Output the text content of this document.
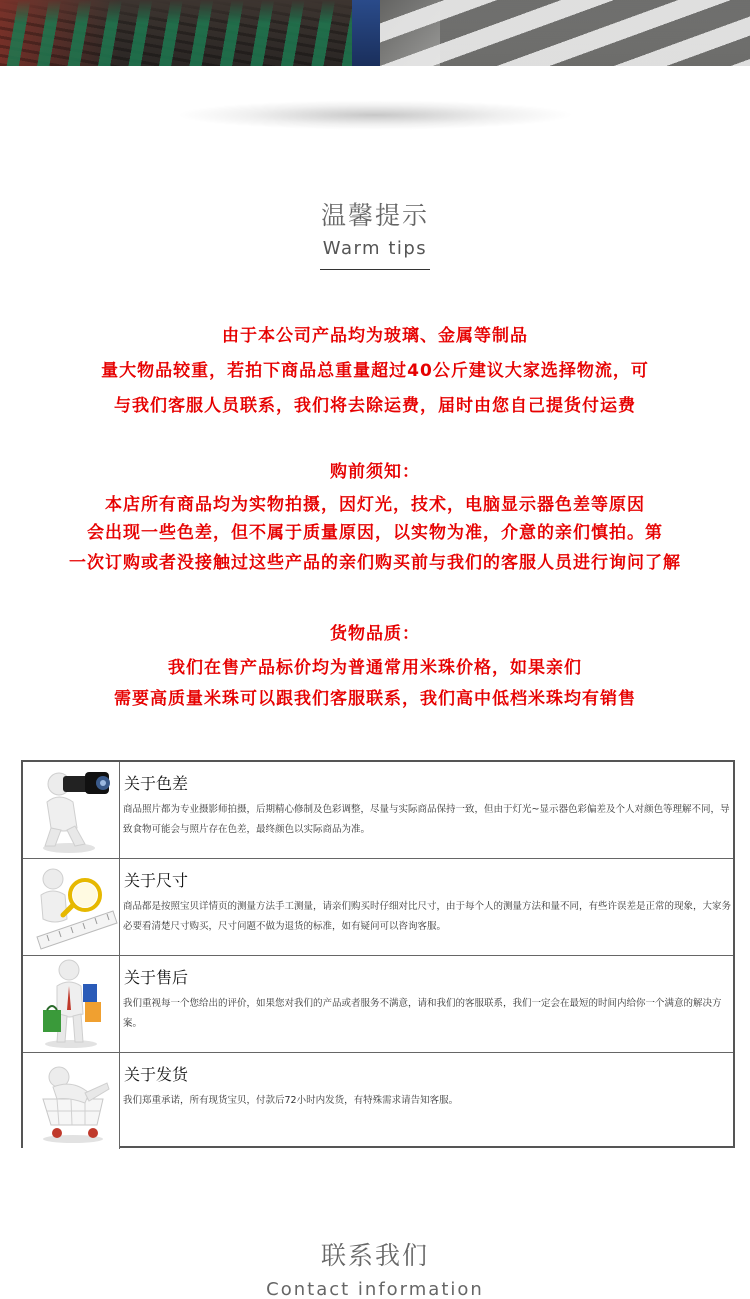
温馨提示
Warm tips
由于本公司产品均为玻璃、金属等制品
量大物品较重，若拍下商品总重量超过40公斤建议大家选择物流，可
与我们客服人员联系，我们将去除运费，届时由您自己提货付运费
购前须知：
本店所有商品均为实物拍摄，因灯光，技术，电脑显示器色差等原因
会出现一些色差，但不属于质量原因，以实物为准，介意的亲们慎拍。第
一次订购或者没接触过这些产品的亲们购买前与我们的客服人员进行询问了解
货物品质：
我们在售产品标价均为普通常用米珠价格，如果亲们
需要高质量米珠可以跟我们客服联系，我们高中低档米珠均有销售
关于色差
商品照片都为专业摄影师拍摄，后期精心修制及色彩调整，尽量与实际商品保持一致，但由于灯光~显示器色彩偏差及个人对颜色等理解不同，导致食物可能会与照片存在色差，最终颜色以实际商品为准。
关于尺寸
商品都是按照宝贝详情页的测量方法手工测量，请亲们购买时仔细对比尺寸，由于每个人的测量方法和量不同，有些许误差是正常的现象，大家务必要看清楚尺寸购买，尺寸问题不做为退货的标准，如有疑问可以咨询客服。
关于售后
我们重视每一个您给出的评价，如果您对我们的产品或者服务不满意，请和我们的客服联系，我们一定会在最短的时间内给你一个满意的解决方案。
关于发货
我们郑重承诺，所有现货宝贝，付款后72小时内发货，有特殊需求请告知客服。
联系我们
Contact information
